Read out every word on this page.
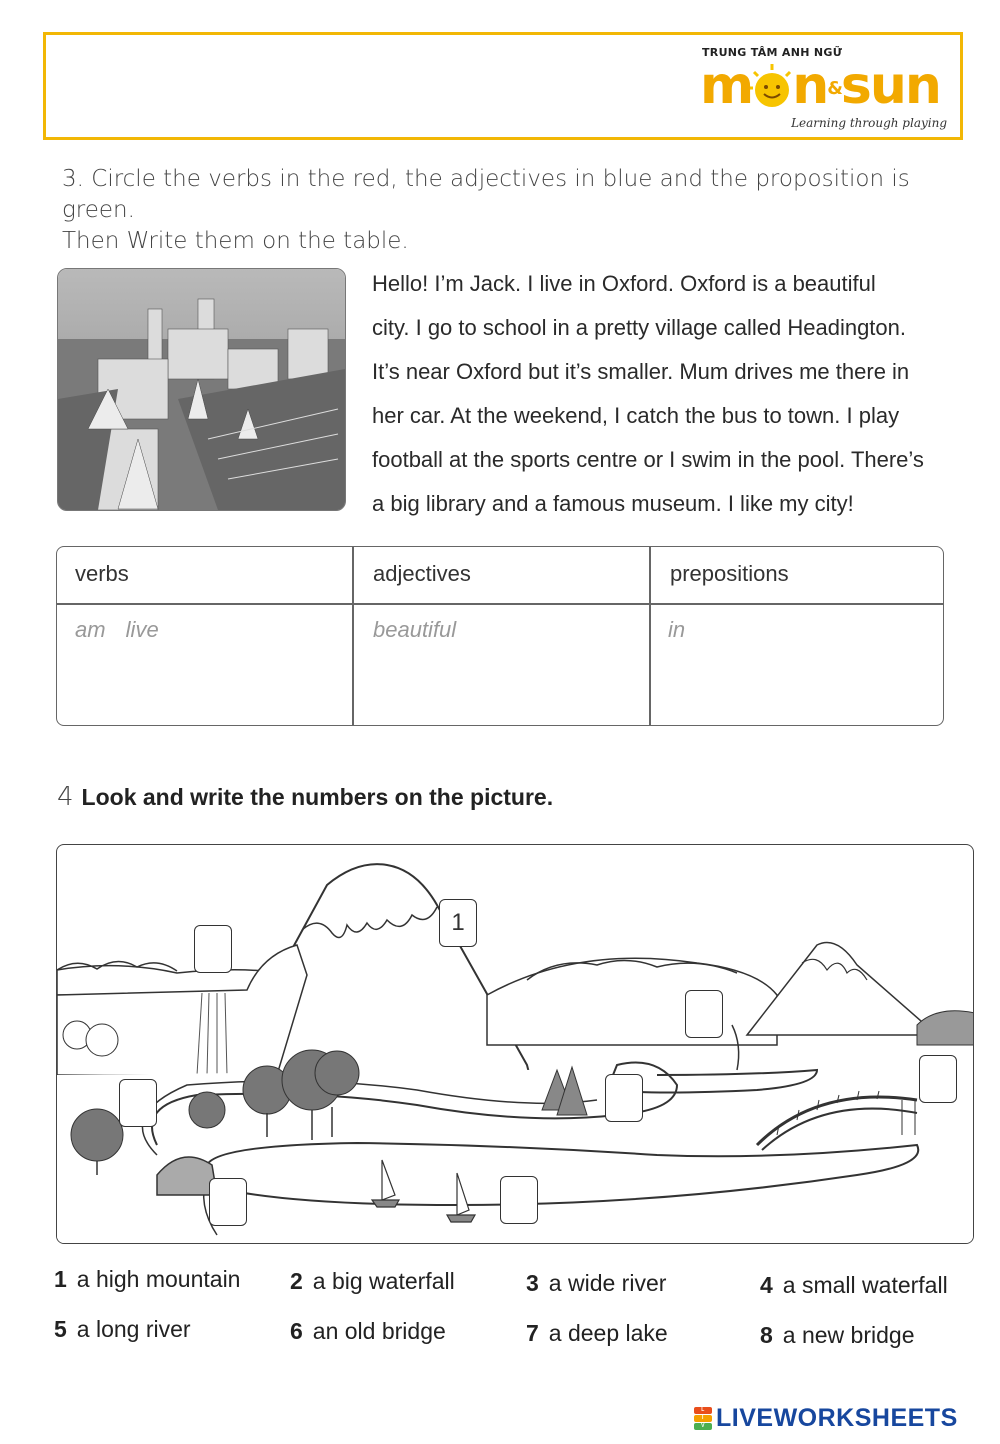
TRUNG TÂM ANH NGỮ
m n&sun
Learning through playing

3. Circle the verbs in the red, the adjectives in blue and the proposition is green.

Then Write them on the table.

Hello! I’m Jack. I live in Oxford. Oxford is a beautiful
city. I go to school in a pretty village called Headington.
It’s near Oxford but it’s smaller. Mum drives me there in
her car. At the weekend, I catch the bus to town. I play
football at the sports centre or I swim in the pool. There’s
a big library and a famous museum. I like my city!
verbs	adjectives	prepositions
am live	beautiful	in
4 Look and write the numbers on the picture.
1
1 a high mountain 2 a big waterfall	3 a wide river	4 a small waterfall
5 a long river	6 an old bridge	7 a deep lake	8 a new bridge
L
I
V LIVEWORKSHEETS
